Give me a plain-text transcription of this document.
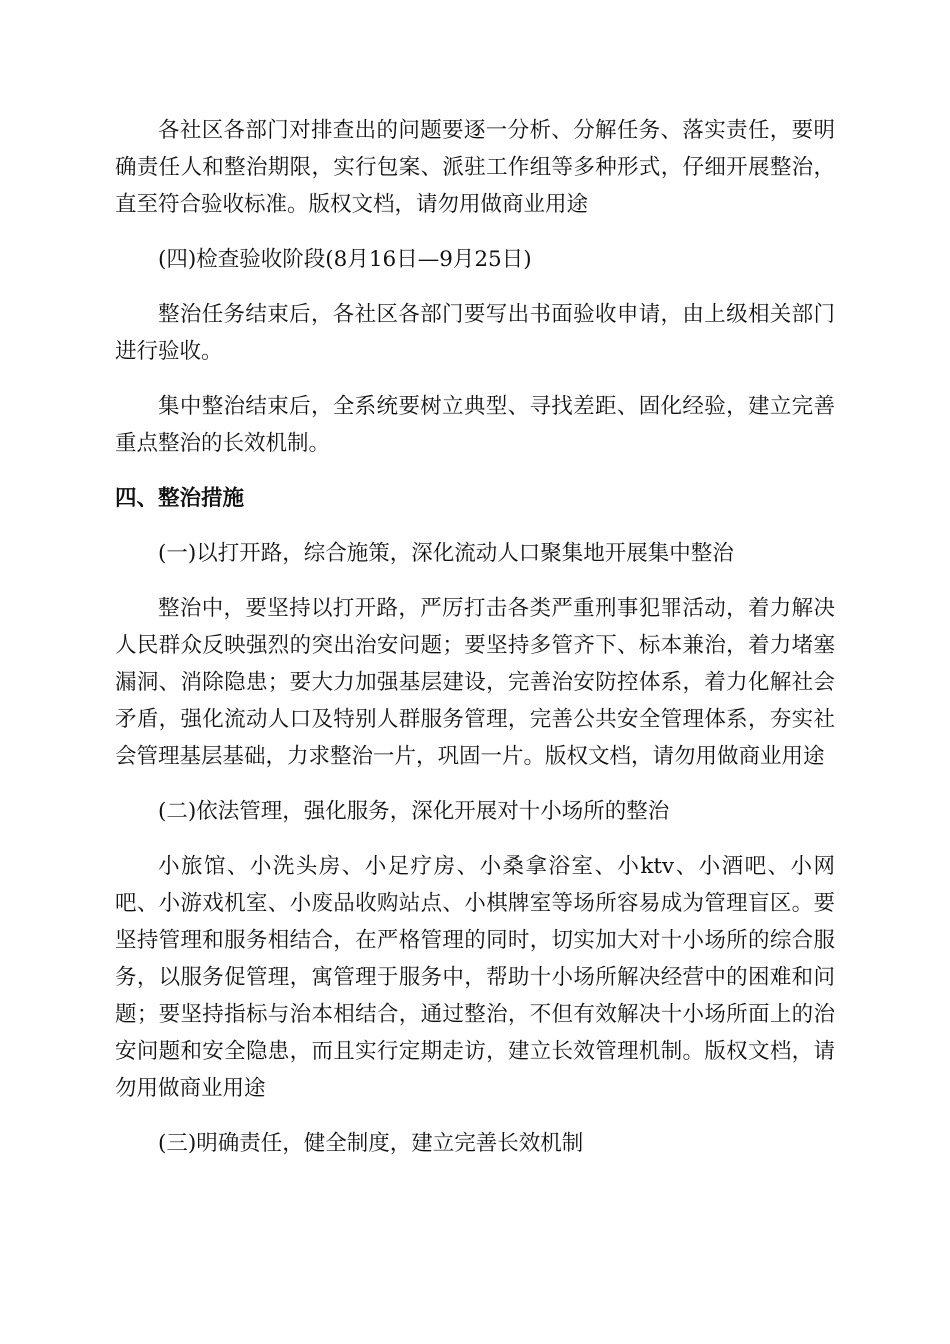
各社区各部门对排查出的问题要逐一分析、分解任务、落实责任，要明确责任人和整治期限，实行包案、派驻工作组等多种形式，仔细开展整治，直至符合验收标准。版权文档，请勿用做商业用途

(四)检查验收阶段(8月16日—9月25日)

整治任务结束后，各社区各部门要写出书面验收申请，由上级相关部门进行验收。

集中整治结束后，全系统要树立典型、寻找差距、固化经验，建立完善重点整治的长效机制。

四、整治措施

(一)以打开路，综合施策，深化流动人口聚集地开展集中整治

整治中，要坚持以打开路，严厉打击各类严重刑事犯罪活动，着力解决人民群众反映强烈的突出治安问题；要坚持多管齐下、标本兼治，着力堵塞漏洞、消除隐患；要大力加强基层建设，完善治安防控体系，着力化解社会矛盾，强化流动人口及特别人群服务管理，完善公共安全管理体系，夯实社会管理基层基础，力求整治一片，巩固一片。版权文档，请勿用做商业用途

(二)依法管理，强化服务，深化开展对十小场所的整治

小旅馆、小洗头房、小足疗房、小桑拿浴室、小ktv、小酒吧、小网吧、小游戏机室、小废品收购站点、小棋牌室等场所容易成为管理盲区。要坚持管理和服务相结合，在严格管理的同时，切实加大对十小场所的综合服务，以服务促管理，寓管理于服务中，帮助十小场所解决经营中的困难和问题；要坚持指标与治本相结合，通过整治，不但有效解决十小场所面上的治安问题和安全隐患，而且实行定期走访，建立长效管理机制。版权文档，请勿用做商业用途

(三)明确责任，健全制度，建立完善长效机制
